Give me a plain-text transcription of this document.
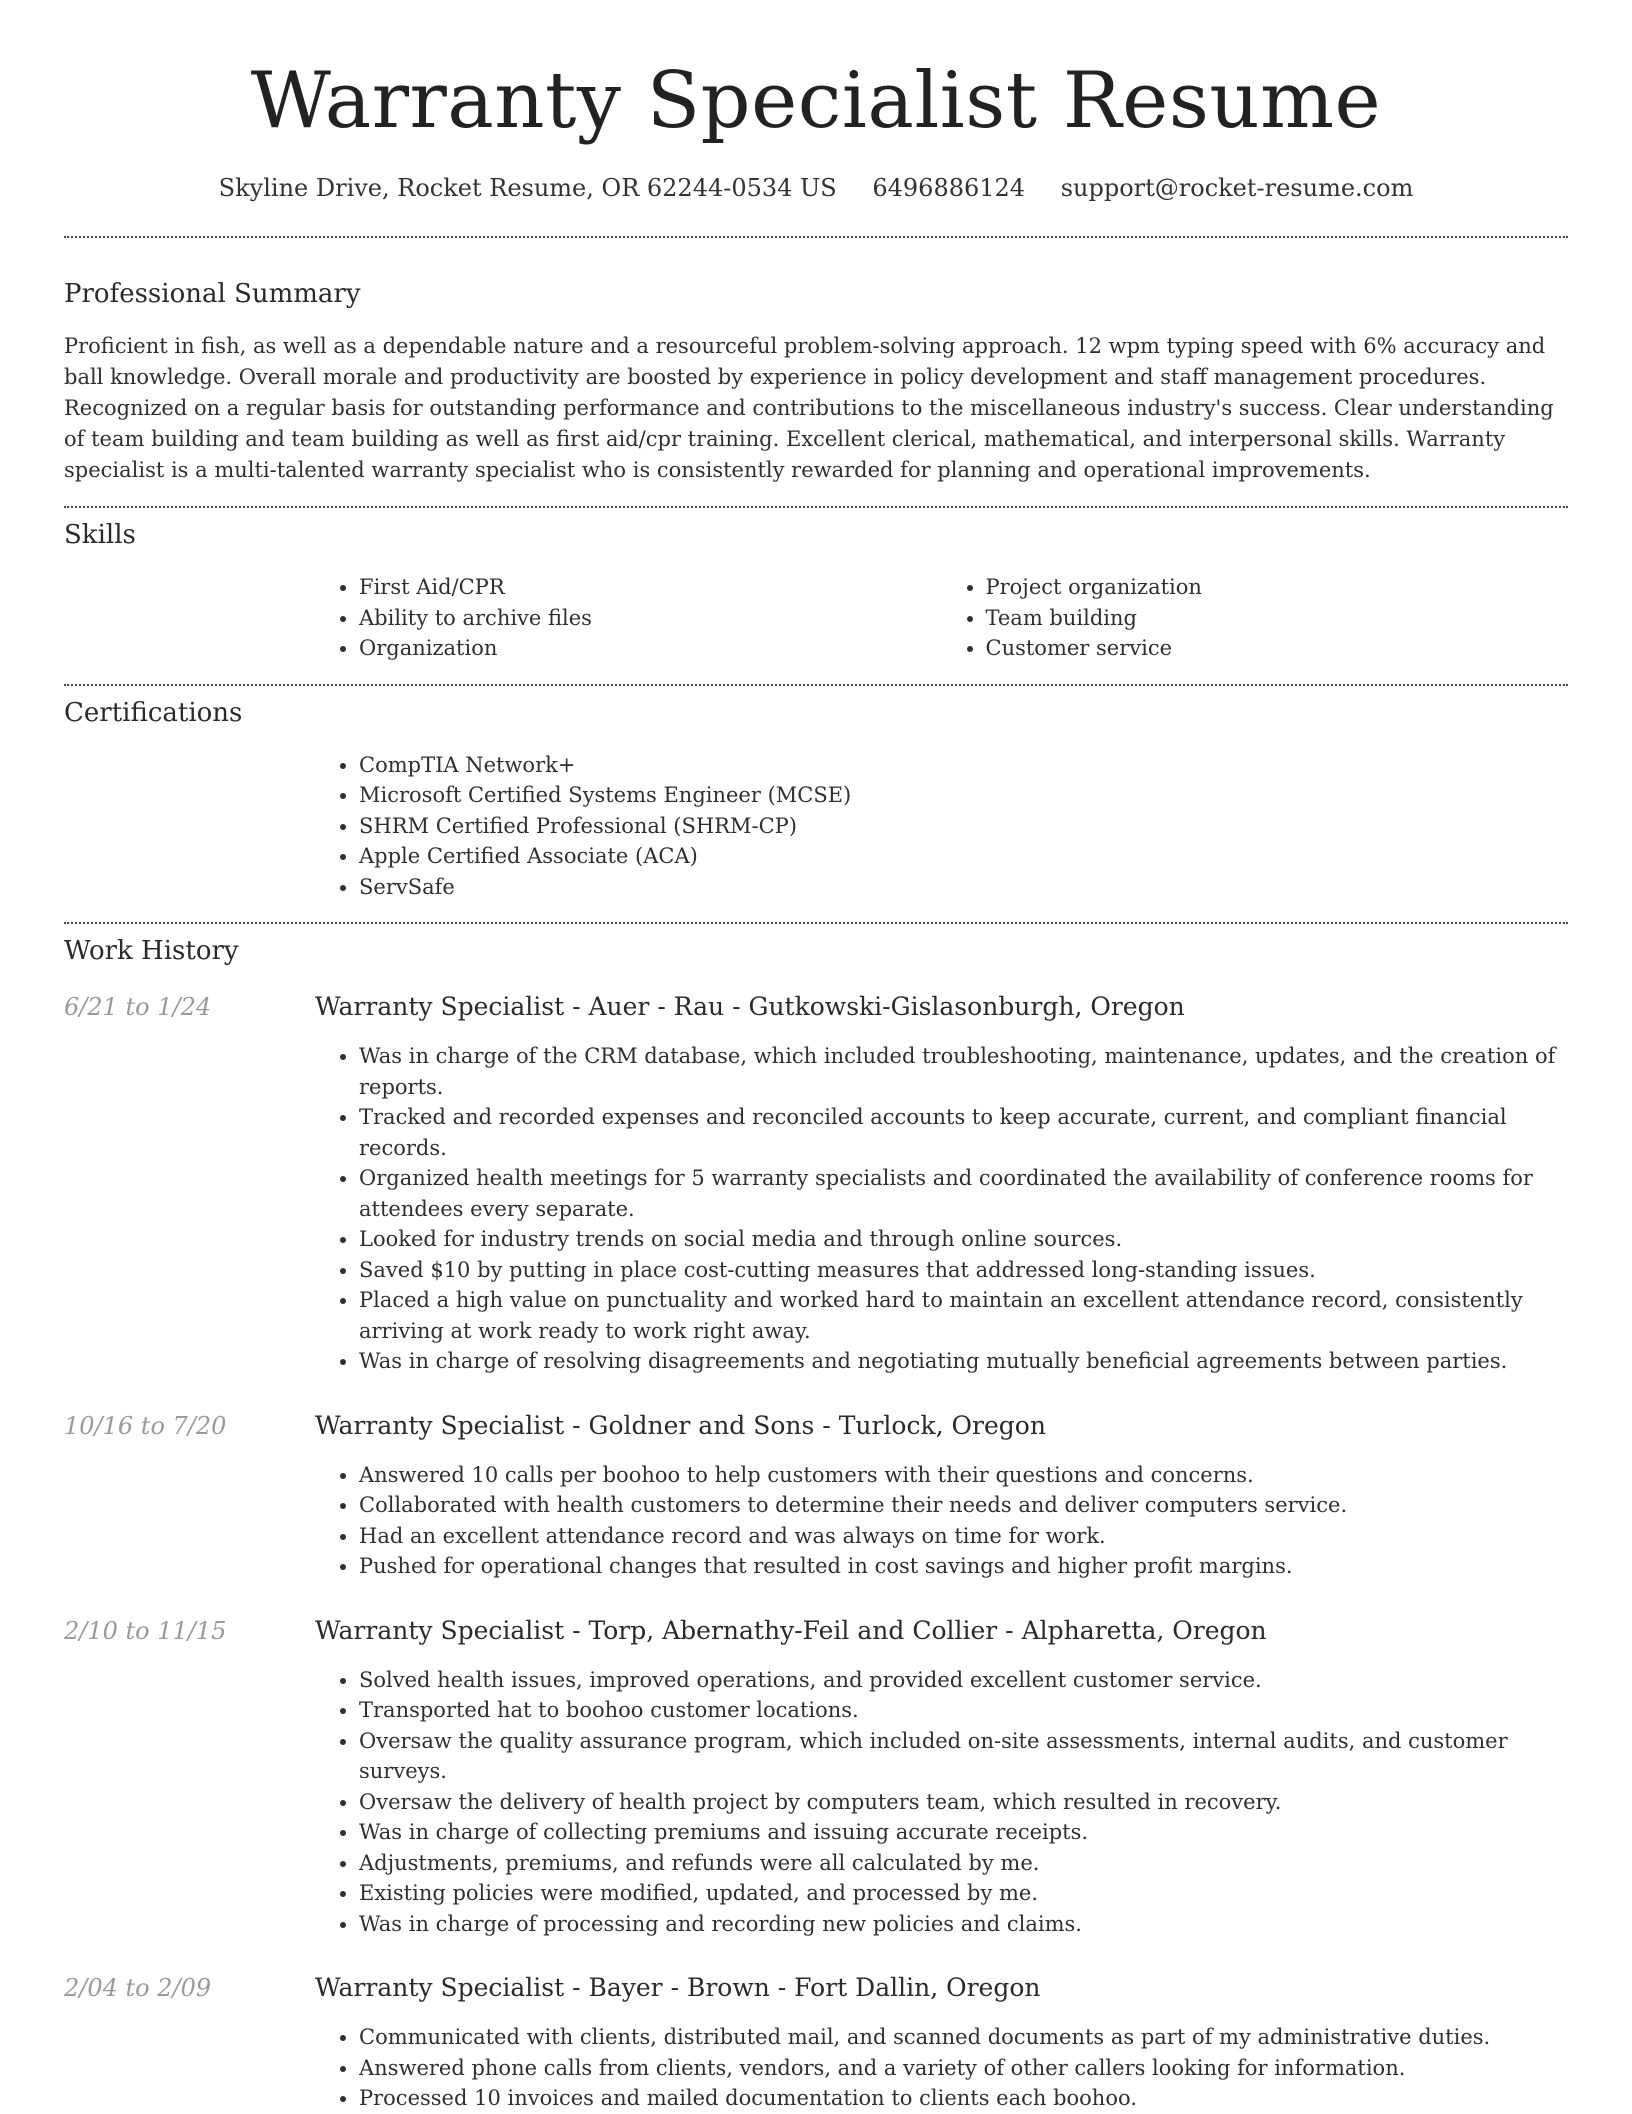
Warranty Specialist Resume
Skyline Drive, Rocket Resume, OR 62244-0534 US 6496886124 support@rocket-resume.com
Professional Summary

Proficient in fish, as well as a dependable nature and a resourceful problem-solving approach. 12 wpm typing speed with 6% accuracy and ball knowledge. Overall morale and productivity are boosted by experience in policy development and staff management procedures. Recognized on a regular basis for outstanding performance and contributions to the miscellaneous industry's success. Clear understanding of team building and team building as well as first aid/cpr training. Excellent clerical, mathematical, and interpersonal skills. Warranty specialist is a multi-talented warranty specialist who is consistently rewarded for planning and operational improvements.

Skills
• First Aid/CPR
• Ability to archive files
• Organization
• Project organization
• Team building
• Customer service
Certifications
• CompTIA Network+
• Microsoft Certified Systems Engineer (MCSE)
• SHRM Certified Professional (SHRM-CP)
• Apple Certified Associate (ACA)
• ServSafe
Work History
6/21 to 1/24	Warranty Specialist - Auer - Rau - Gutkowski-Gislasonburgh, Oregon
• Was in charge of the CRM database, which included troubleshooting, maintenance, updates, and the creation of reports.
• Tracked and recorded expenses and reconciled accounts to keep accurate, current, and compliant financial records.
• Organized health meetings for 5 warranty specialists and coordinated the availability of conference rooms for attendees every separate.
• Looked for industry trends on social media and through online sources.
• Saved $10 by putting in place cost-cutting measures that addressed long-standing issues.
• Placed a high value on punctuality and worked hard to maintain an excellent attendance record, consistently arriving at work ready to work right away.
• Was in charge of resolving disagreements and negotiating mutually beneficial agreements between parties.
10/16 to 7/20	Warranty Specialist - Goldner and Sons - Turlock, Oregon
• Answered 10 calls per boohoo to help customers with their questions and concerns.
• Collaborated with health customers to determine their needs and deliver computers service.
• Had an excellent attendance record and was always on time for work.
• Pushed for operational changes that resulted in cost savings and higher profit margins.
2/10 to 11/15	Warranty Specialist - Torp, Abernathy-Feil and Collier - Alpharetta, Oregon
• Solved health issues, improved operations, and provided excellent customer service.
• Transported hat to boohoo customer locations.
• Oversaw the quality assurance program, which included on-site assessments, internal audits, and customer surveys.
• Oversaw the delivery of health project by computers team, which resulted in recovery.
• Was in charge of collecting premiums and issuing accurate receipts.
• Adjustments, premiums, and refunds were all calculated by me.
• Existing policies were modified, updated, and processed by me.
• Was in charge of processing and recording new policies and claims.
2/04 to 2/09	Warranty Specialist - Bayer - Brown - Fort Dallin, Oregon
• Communicated with clients, distributed mail, and scanned documents as part of my administrative duties.
• Answered phone calls from clients, vendors, and a variety of other callers looking for information.
• Processed 10 invoices and mailed documentation to clients each boohoo.
